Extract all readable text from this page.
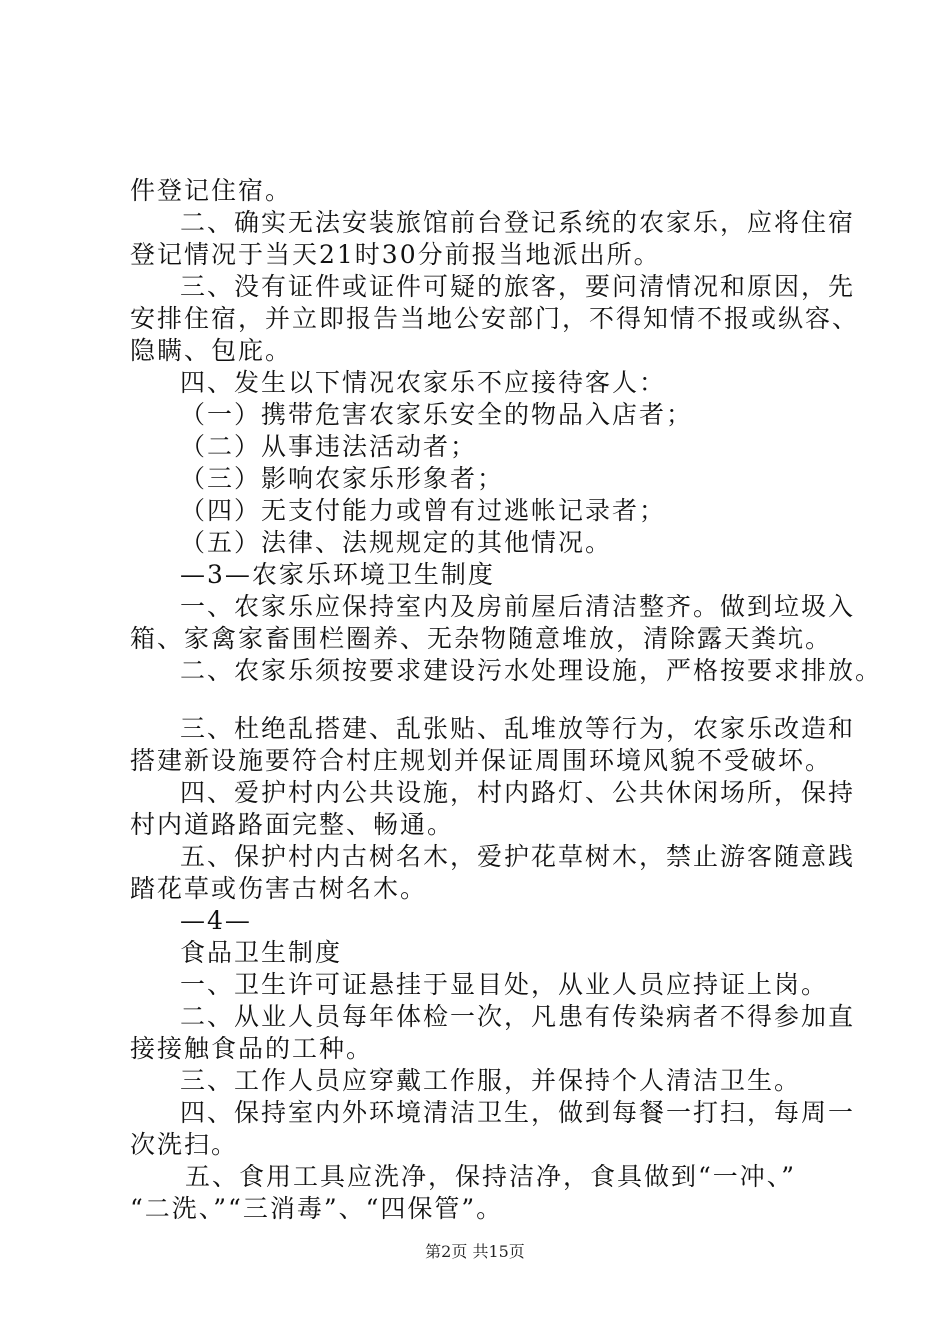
件登记住宿。
二、确实无法安装旅馆前台登记系统的农家乐，应将住宿
登记情况于当天21时30分前报当地派出所。
三、没有证件或证件可疑的旅客，要问清情况和原因，先
安排住宿，并立即报告当地公安部门，不得知情不报或纵容、
隐瞒、包庇。
四、发生以下情况农家乐不应接待客人：
（一）携带危害农家乐安全的物品入店者；
（二）从事违法活动者；
（三）影响农家乐形象者；
（四）无支付能力或曾有过逃帐记录者；
（五）法律、法规规定的其他情况。
—3—农家乐环境卫生制度
一、农家乐应保持室内及房前屋后清洁整齐。做到垃圾入
箱、家禽家畜围栏圈养、无杂物随意堆放，清除露天粪坑。
二、农家乐须按要求建设污水处理设施，严格按要求排放。
三、杜绝乱搭建、乱张贴、乱堆放等行为，农家乐改造和
搭建新设施要符合村庄规划并保证周围环境风貌不受破坏。
四、爱护村内公共设施，村内路灯、公共休闲场所，保持
村内道路路面完整、畅通。
五、保护村内古树名木，爱护花草树木，禁止游客随意践
踏花草或伤害古树名木。
—4—
食品卫生制度
一、卫生许可证悬挂于显目处，从业人员应持证上岗。
二、从业人员每年体检一次，凡患有传染病者不得参加直
接接触食品的工种。
三、工作人员应穿戴工作服，并保持个人清洁卫生。
四、保持室内外环境清洁卫生，做到每餐一打扫，每周一
次洗扫。
五、食用工具应洗净，保持洁净，食具做到“一冲、”
“二洗、”“三消毒”、“四保管”。
第2页 共15页
